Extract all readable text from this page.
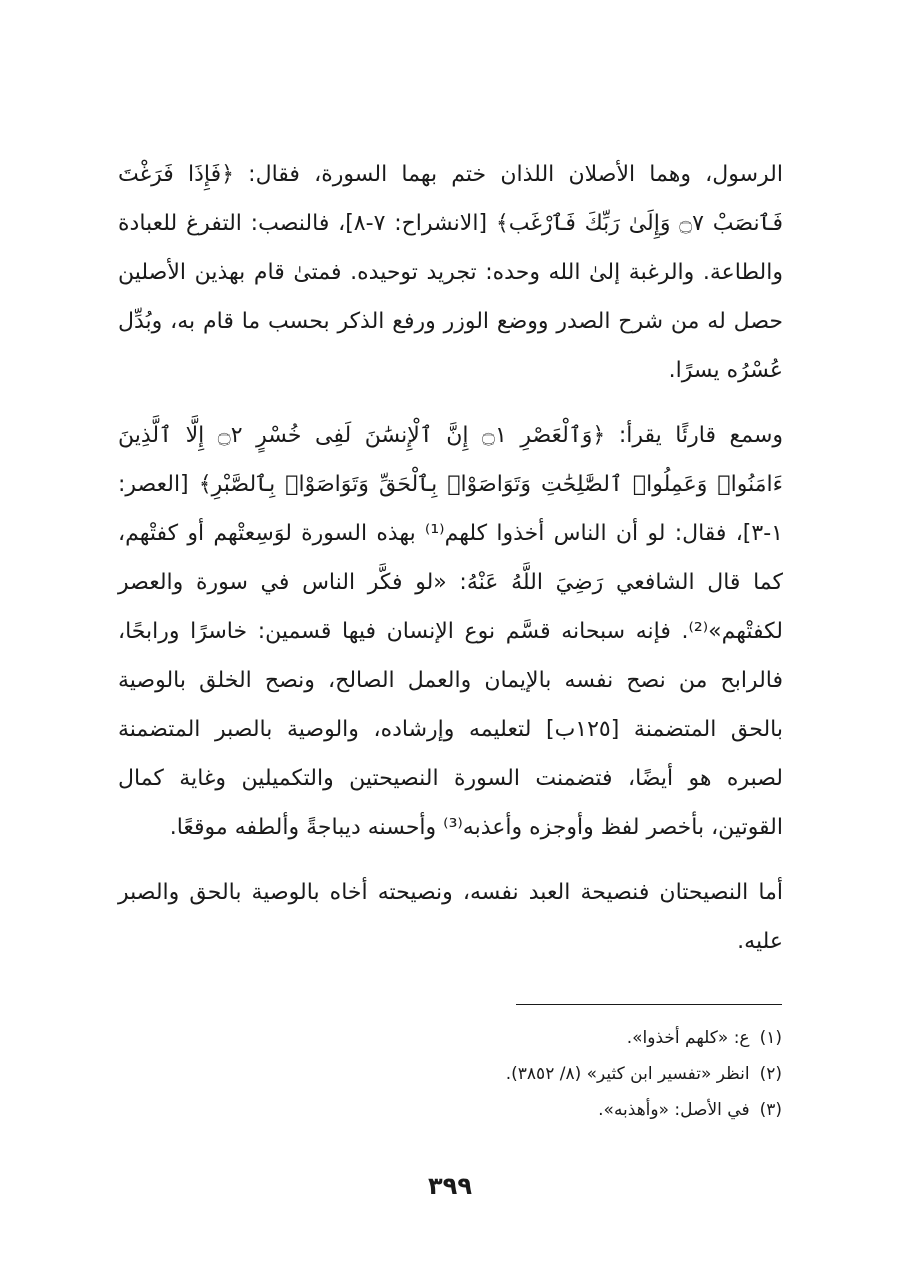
الرسول، وهما الأصلان اللذان ختم بهما السورة، فقال: ﴿فَإِذَا فَرَغْتَ فَٱنصَبْ ۝٧ وَإِلَىٰ رَبِّكَ فَٱرْغَب﴾ [الانشراح: ٧-٨]، فالنصب: التفرغ للعبادة والطاعة. والرغبة إلىٰ الله وحده: تجريد توحيده. فمتىٰ قام بهذين الأصلين حصل له من شرح الصدر ووضع الوزر ورفع الذكر بحسب ما قام به، وبُدِّل عُسْرُه يسرًا.

وسمع قارئًا يقرأ: ﴿وَٱلْعَصْرِ ۝١ إِنَّ ٱلْإِنسَٰنَ لَفِى خُسْرٍ ۝٢ إِلَّا ٱلَّذِينَ ءَامَنُوا۟ وَعَمِلُوا۟ ٱلصَّٰلِحَٰتِ وَتَوَاصَوْا۟ بِٱلْحَقِّ وَتَوَاصَوْا۟ بِٱلصَّبْرِ﴾ [العصر: ١-٣]، فقال: لو أن الناس أخذوا كلهم⁽¹⁾ بهذه السورة لوَسِعتْهم أو كفتْهم، كما قال الشافعي رَضِيَ اللَّهُ عَنْهُ: «لو فكَّر الناس في سورة والعصر لكفتْهم»⁽²⁾. فإنه سبحانه قسَّم نوع الإنسان فيها قسمين: خاسرًا ورابحًا، فالرابح من نصح نفسه بالإيمان والعمل الصالح، ونصح الخلق بالوصية بالحق المتضمنة [١٢٥ب] لتعليمه وإرشاده، والوصية بالصبر المتضمنة لصبره هو أيضًا، فتضمنت السورة النصيحتين والتكميلين وغاية كمال القوتين، بأخصر لفظ وأوجزه وأعذبه⁽³⁾ وأحسنه ديباجةً وألطفه موقعًا.

أما النصيحتان فنصيحة العبد نفسه، ونصيحته أخاه بالوصية بالحق والصبر عليه.

(١)ع: «كلهم أخذوا».
(٢)انظر «تفسير ابن كثير» (٨/ ٣٨٥٢).
(٣)في الأصل: «وأهذبه».
٣٩٩
